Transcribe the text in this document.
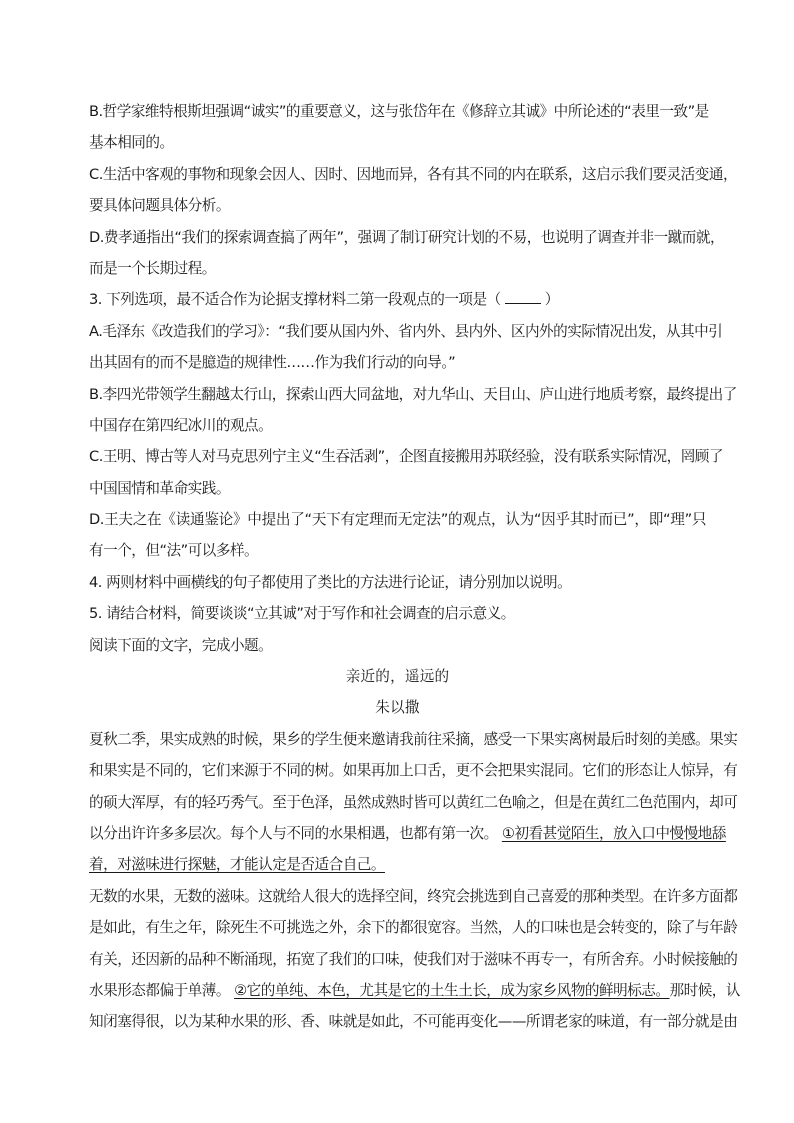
B.哲学家维特根斯坦强调“诚实”的重要意义，这与张岱年在《修辞立其诚》中所论述的“表里一致”是
基本相同的。
C.生活中客观的事物和现象会因人、因时、因地而异，各有其不同的内在联系，这启示我们要灵活变通，
要具体问题具体分析。
D.费孝通指出“我们的探索调查搞了两年”，强调了制订研究计划的不易，也说明了调查并非一蹴而就，
而是一个长期过程。
3. 下列选项，最不适合作为论据支撑材料二第一段观点的一项是（	）
A.毛泽东《改造我们的学习》：“我们要从国内外、省内外、县内外、区内外的实际情况出发，从其中引
出其固有的而不是臆造的规律性……作为我们行动的向导。”
B.李四光带领学生翻越太行山，探索山西大同盆地，对九华山、天目山、庐山进行地质考察，最终提出了
中国存在第四纪冰川的观点。
C.王明、博古等人对马克思列宁主义“生吞活剥”，企图直接搬用苏联经验，没有联系实际情况，罔顾了
中国国情和革命实践。
D.王夫之在《读通鉴论》中提出了“天下有定理而无定法”的观点，认为“因乎其时而已”，即“理”只
有一个，但“法”可以多样。
4. 两则材料中画横线的句子都使用了类比的方法进行论证，请分别加以说明。
5. 请结合材料，简要谈谈“立其诚”对于写作和社会调查的启示意义。
阅读下面的文字，完成小题。
亲近的，遥远的
朱以撒
夏秋二季，果实成熟的时候，果乡的学生便来邀请我前往采摘，感受一下果实离树最后时刻的美感。果实
和果实是不同的，它们来源于不同的树。如果再加上口舌，更不会把果实混同。它们的形态让人惊异，有
的硕大浑厚，有的轻巧秀气。至于色泽，虽然成熟时皆可以黄红二色喻之，但是在黄红二色范围内，却可
以分出许许多多层次。每个人与不同的水果相遇，也都有第一次。 ①初看甚觉陌生，放入口中慢慢地舔
着，对滋味进行探魅，才能认定是否适合自己。
无数的水果，无数的滋味。这就给人很大的选择空间，终究会挑选到自己喜爱的那种类型。在许多方面都
是如此，有生之年，除死生不可挑选之外，余下的都很宽容。当然，人的口味也是会转变的，除了与年龄
有关，还因新的品种不断涌现，拓宽了我们的口味，使我们对于滋味不再专一，有所舍弃。小时候接触的
水果形态都偏于单薄。 ②它的单纯、本色，尤其是它的土生土长，成为家乡风物的鲜明标志。那时候，认
知闭塞得很，以为某种水果的形、香、味就是如此，不可能再变化——所谓老家的味道，有一部分就是由
